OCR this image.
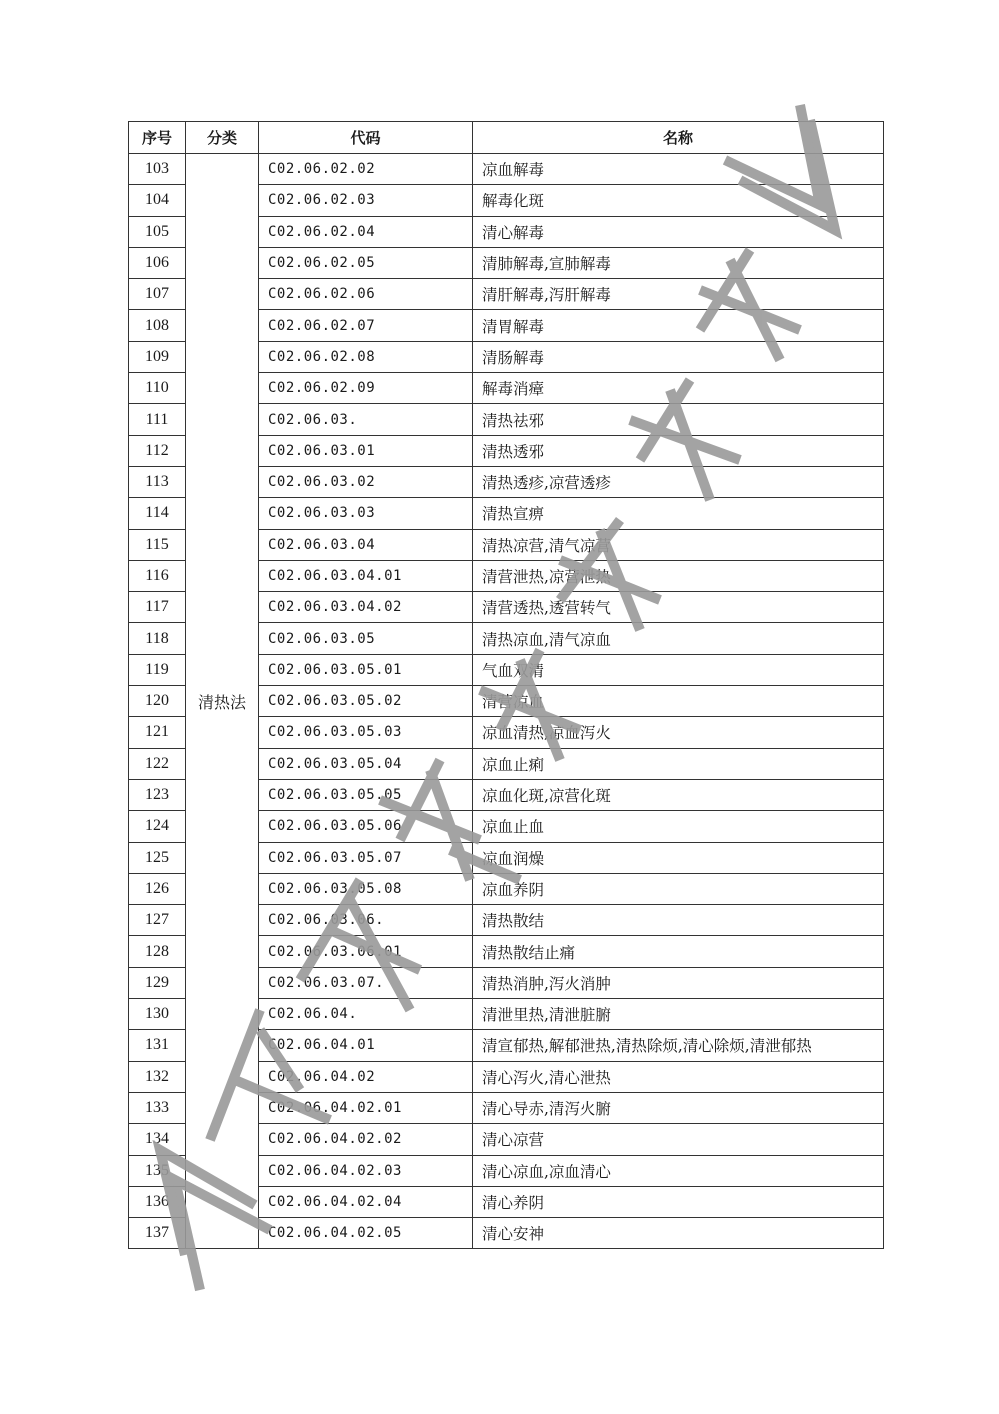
序号	分类	代码	名称
103	清热法	C02.06.02.02	凉血解毒
104		C02.06.02.03	解毒化斑
105		C02.06.02.04	清心解毒
106		C02.06.02.05	清肺解毒,宣肺解毒
107		C02.06.02.06	清肝解毒,泻肝解毒
108		C02.06.02.07	清胃解毒
109		C02.06.02.08	清肠解毒
110		C02.06.02.09	解毒消瘴
111		C02.06.03.	清热祛邪
112		C02.06.03.01	清热透邪
113		C02.06.03.02	清热透疹,凉营透疹
114		C02.06.03.03	清热宣痹
115		C02.06.03.04	清热凉营,清气凉营
116		C02.06.03.04.01	清营泄热,凉营泄热
117		C02.06.03.04.02	清营透热,透营转气
118		C02.06.03.05	清热凉血,清气凉血
119		C02.06.03.05.01	气血双清
120		C02.06.03.05.02	清营凉血
121		C02.06.03.05.03	凉血清热,凉血泻火
122		C02.06.03.05.04	凉血止痢
123		C02.06.03.05.05	凉血化斑,凉营化斑
124		C02.06.03.05.06	凉血止血
125		C02.06.03.05.07	凉血润燥
126		C02.06.03.05.08	凉血养阴
127		C02.06.03.06.	清热散结
128		C02.06.03.06.01	清热散结止痛
129		C02.06.03.07.	清热消肿,泻火消肿
130		C02.06.04.	清泄里热,清泄脏腑
131		C02.06.04.01	清宣郁热,解郁泄热,清热除烦,清心除烦,清泄郁热
132		C02.06.04.02	清心泻火,清心泄热
133		C02.06.04.02.01	清心导赤,清泻火腑
134		C02.06.04.02.02	清心凉营
135		C02.06.04.02.03	清心凉血,凉血清心
136		C02.06.04.02.04	清心养阴
137		C02.06.04.02.05	清心安神
